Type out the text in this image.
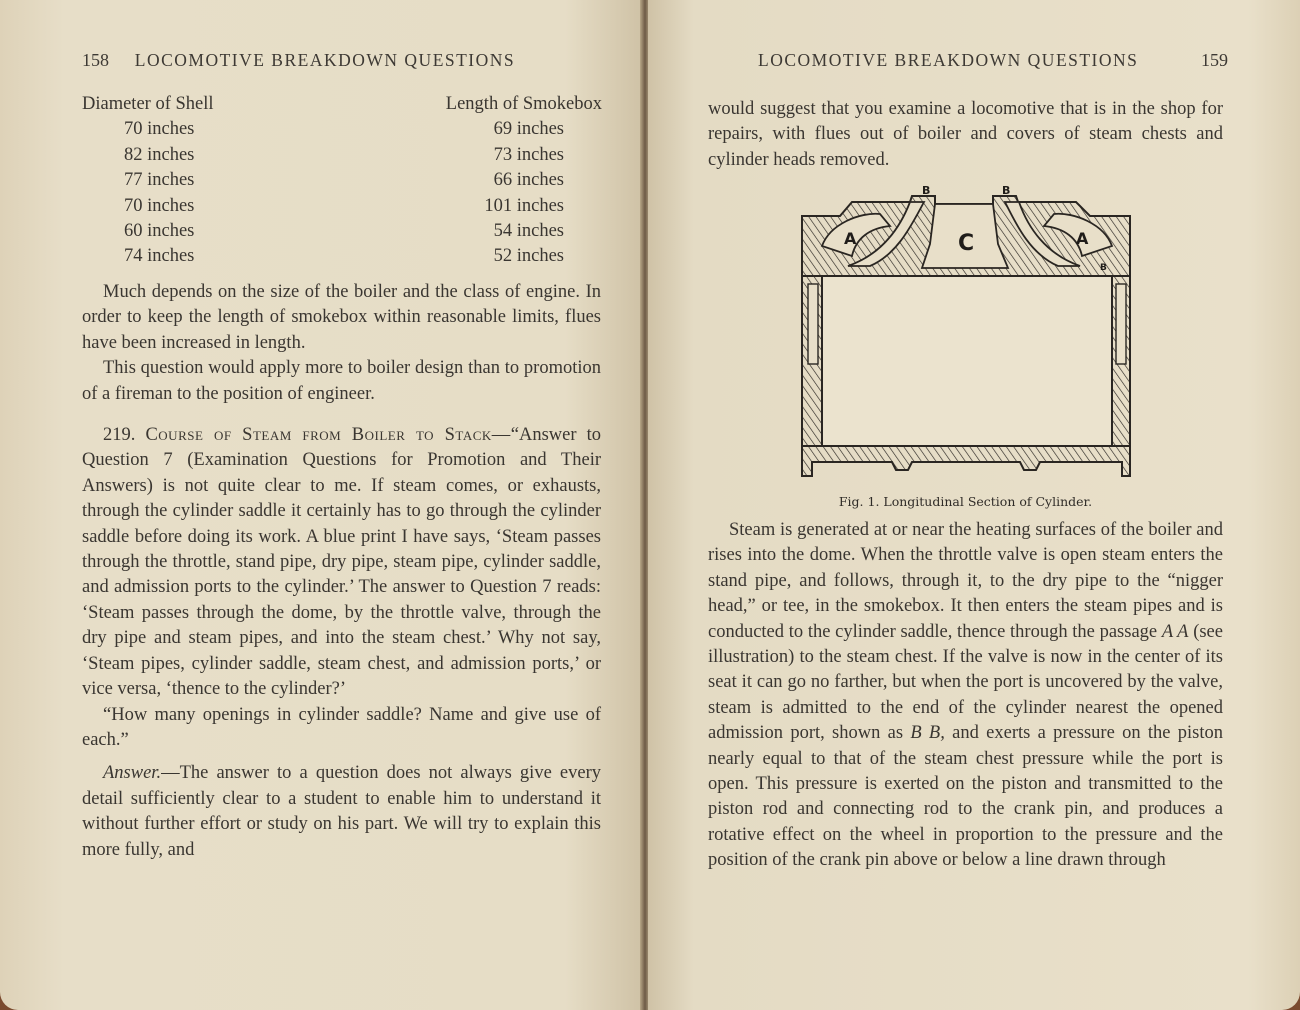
158 LOCOMOTIVE BREAKDOWN QUESTIONS
Diameter of Shell	Length of Smokebox
70 inches	69 inches
82 inches	73 inches
77 inches	66 inches
70 inches	101 inches
60 inches	54 inches
74 inches	52 inches

Much depends on the size of the boiler and the class of engine. In order to keep the length of smokebox within reasonable limits, flues have been increased in length.

This question would apply more to boiler design than to promotion of a fireman to the position of engineer.

219. Course of Steam from Boiler to Stack—“Answer to Question 7 (Examination Questions for Promotion and Their Answers) is not quite clear to me. If steam comes, or exhausts, through the cylinder saddle it certainly has to go through the cylinder saddle before doing its work. A blue print I have says, ‘Steam passes through the throttle, stand pipe, dry pipe, steam pipe, cylinder saddle, and admission ports to the cylinder.’ The answer to Question 7 reads: ‘Steam passes through the dome, by the throttle valve, through the dry pipe and steam pipes, and into the steam chest.’ Why not say, ‘Steam pipes, cylinder saddle, steam chest, and admission ports,’ or vice versa, ‘thence to the cylinder?’

“How many openings in cylinder saddle? Name and give use of each.”

Answer.—The answer to a question does not always give every detail sufficiently clear to a student to enable him to understand it without further effort or study on his part. We will try to explain this more fully, and

LOCOMOTIVE BREAKDOWN QUESTIONS	159

would suggest that you examine a locomotive that is in the shop for repairs, with flues out of boiler and covers of steam chests and cylinder heads removed.

B	B
B
A	A
C
Fig. 1. Longitudinal Section of Cylinder.

Steam is generated at or near the heating surfaces of the boiler and rises into the dome. When the throttle valve is open steam enters the stand pipe, and follows, through it, to the dry pipe to the “nigger head,” or tee, in the smokebox. It then enters the steam pipes and is conducted to the cylinder saddle, thence through the passage A A (see illustration) to the steam chest. If the valve is now in the center of its seat it can go no farther, but when the port is uncovered by the valve, steam is admitted to the end of the cylinder nearest the opened admission port, shown as B B, and exerts a pressure on the piston nearly equal to that of the steam chest pressure while the port is open. This pressure is exerted on the piston and transmitted to the piston rod and connecting rod to the crank pin, and produces a rotative effect on the wheel in proportion to the pressure and the position of the crank pin above or below a line drawn through
